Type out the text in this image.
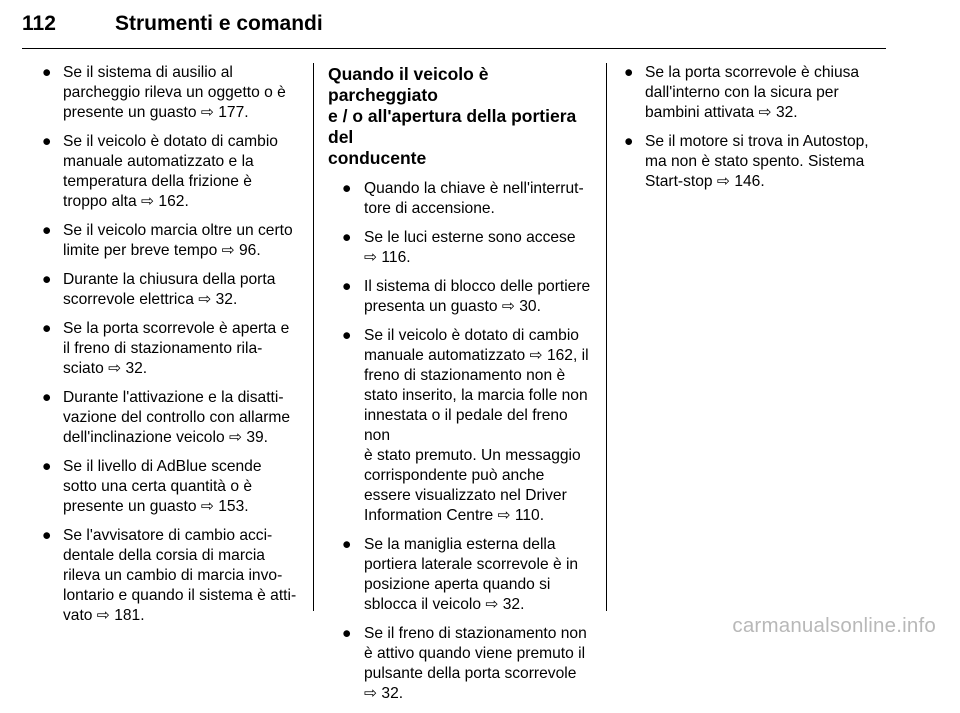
112	Strumenti e comandi
● Se il sistema di ausilio al
parcheggio rileva un oggetto o è
presente un guasto ⇨ 177.
● Se il veicolo è dotato di cambio
manuale automatizzato e la
temperatura della frizione è
troppo alta ⇨ 162.
● Se il veicolo marcia oltre un certo
limite per breve tempo ⇨ 96.
● Durante la chiusura della porta
scorrevole elettrica ⇨ 32.
● Se la porta scorrevole è aperta e
il freno di stazionamento rila-
sciato ⇨ 32.
● Durante l'attivazione e la disatti-
vazione del controllo con allarme
dell'inclinazione veicolo ⇨ 39.
● Se il livello di AdBlue scende
sotto una certa quantità o è
presente un guasto ⇨ 153.
● Se l'avvisatore di cambio acci-
dentale della corsia di marcia
rileva un cambio di marcia invo-
lontario e quando il sistema è atti-
vato ⇨ 181.
Quando il veicolo è parcheggiato
e / o all'apertura della portiera del
conducente
● Quando la chiave è nell'interrut-
tore di accensione.
● Se le luci esterne sono accese
⇨ 116.
● Il sistema di blocco delle portiere
presenta un guasto ⇨ 30.
● Se il veicolo è dotato di cambio
manuale automatizzato ⇨ 162, il
freno di stazionamento non è
stato inserito, la marcia folle non
innestata o il pedale del freno non
è stato premuto. Un messaggio
corrispondente può anche
essere visualizzato nel Driver
Information Centre ⇨ 110.
● Se la maniglia esterna della
portiera laterale scorrevole è in
posizione aperta quando si
sblocca il veicolo ⇨ 32.
● Se il freno di stazionamento non
è attivo quando viene premuto il
pulsante della porta scorrevole
⇨ 32.
● Se la porta scorrevole è chiusa
dall'interno con la sicura per
bambini attivata ⇨ 32.
● Se il motore si trova in Autostop,
ma non è stato spento. Sistema
Start-stop ⇨ 146.
carmanualsonline.info
